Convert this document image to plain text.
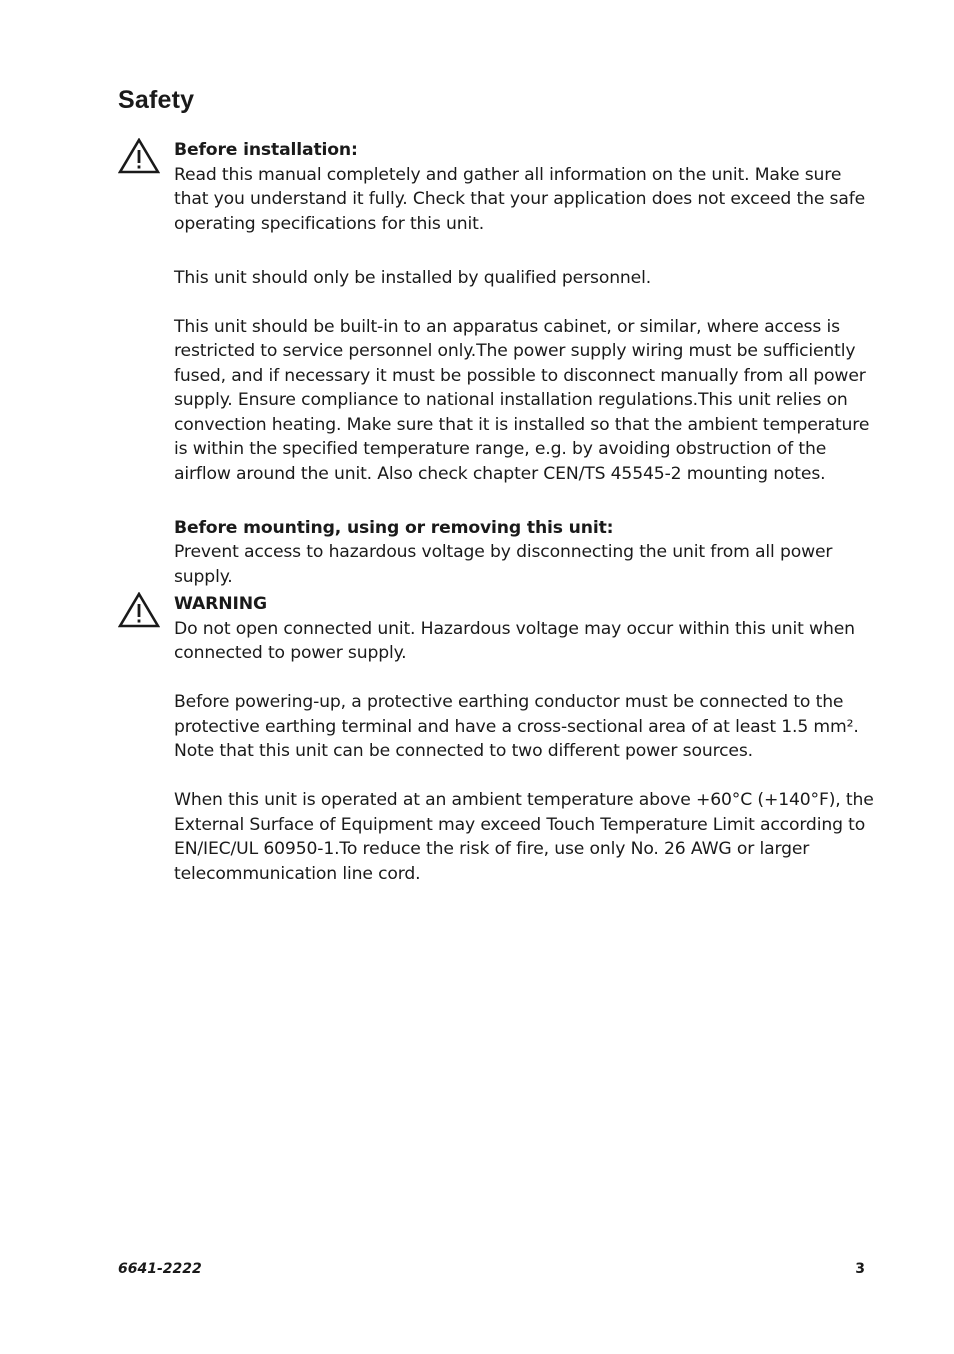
Safety
Before installation:

Read this manual completely and gather all information on the unit. Make sure that you understand it fully. Check that your application does not exceed the safe operating specifications for this unit.

This unit should only be installed by qualified personnel.

This unit should be built-in to an apparatus cabinet, or similar, where access is restricted to service personnel only.The power supply wiring must be sufficiently fused, and if necessary it must be possible to disconnect manually from all power supply. Ensure compliance to national installation regulations.This unit relies on convection heating. Make sure that it is installed so that the ambient temperature is within the specified temperature range, e.g. by avoiding obstruction of the airflow around the unit. Also check chapter CEN/TS 45545-2 mounting notes.

Before mounting, using or removing this unit:

Prevent access to hazardous voltage by disconnecting the unit from all power supply.

WARNING

Do not open connected unit. Hazardous voltage may occur within this unit when connected to power supply.

Before powering-up, a protective earthing conductor must be connected to the protective earthing terminal and have a cross-sectional area of at least 1.5 mm².

Note that this unit can be connected to two different power sources.

When this unit is operated at an ambient temperature above +60°C (+140°F), the External Surface of Equipment may exceed Touch Temperature Limit according to EN/IEC/UL 60950-1.To reduce the risk of fire, use only No. 26 AWG or larger telecommunication line cord.

6641-2222	3
